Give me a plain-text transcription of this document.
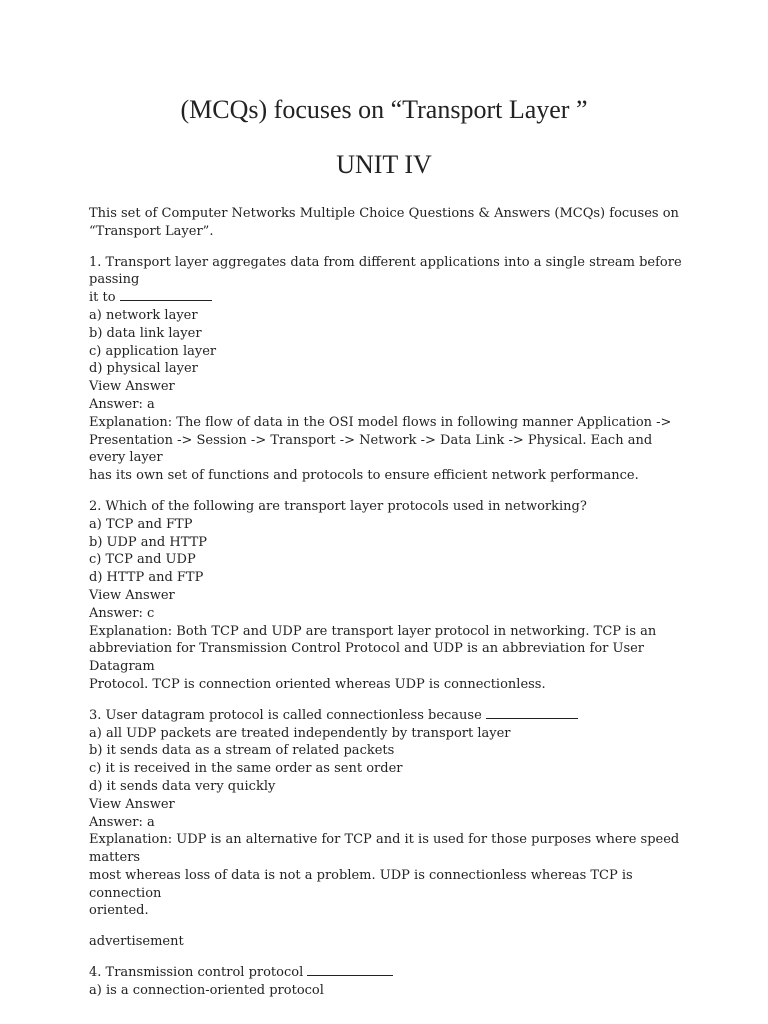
(MCQs) focuses on “Transport Layer ”
UNIT IV

This set of Computer Networks Multiple Choice Questions & Answers (MCQs) focuses on

“Transport Layer”.

1. Transport layer aggregates data from different applications into a single stream before passing

it to

a) network layer

b) data link layer

c) application layer

d) physical layer

View Answer

Answer: a

Explanation: The flow of data in the OSI model flows in following manner Application ->

Presentation -> Session -> Transport -> Network -> Data Link -> Physical. Each and every layer

has its own set of functions and protocols to ensure efficient network performance.

2. Which of the following are transport layer protocols used in networking?

a) TCP and FTP

b) UDP and HTTP

c) TCP and UDP

d) HTTP and FTP

View Answer

Answer: c

Explanation: Both TCP and UDP are transport layer protocol in networking. TCP is an

abbreviation for Transmission Control Protocol and UDP is an abbreviation for User Datagram

Protocol. TCP is connection oriented whereas UDP is connectionless.

3. User datagram protocol is called connectionless because

a) all UDP packets are treated independently by transport layer

b) it sends data as a stream of related packets

c) it is received in the same order as sent order

d) it sends data very quickly

View Answer

Answer: a

Explanation: UDP is an alternative for TCP and it is used for those purposes where speed matters

most whereas loss of data is not a problem. UDP is connectionless whereas TCP is connection

oriented.

advertisement

4. Transmission control protocol

a) is a connection-oriented protocol
